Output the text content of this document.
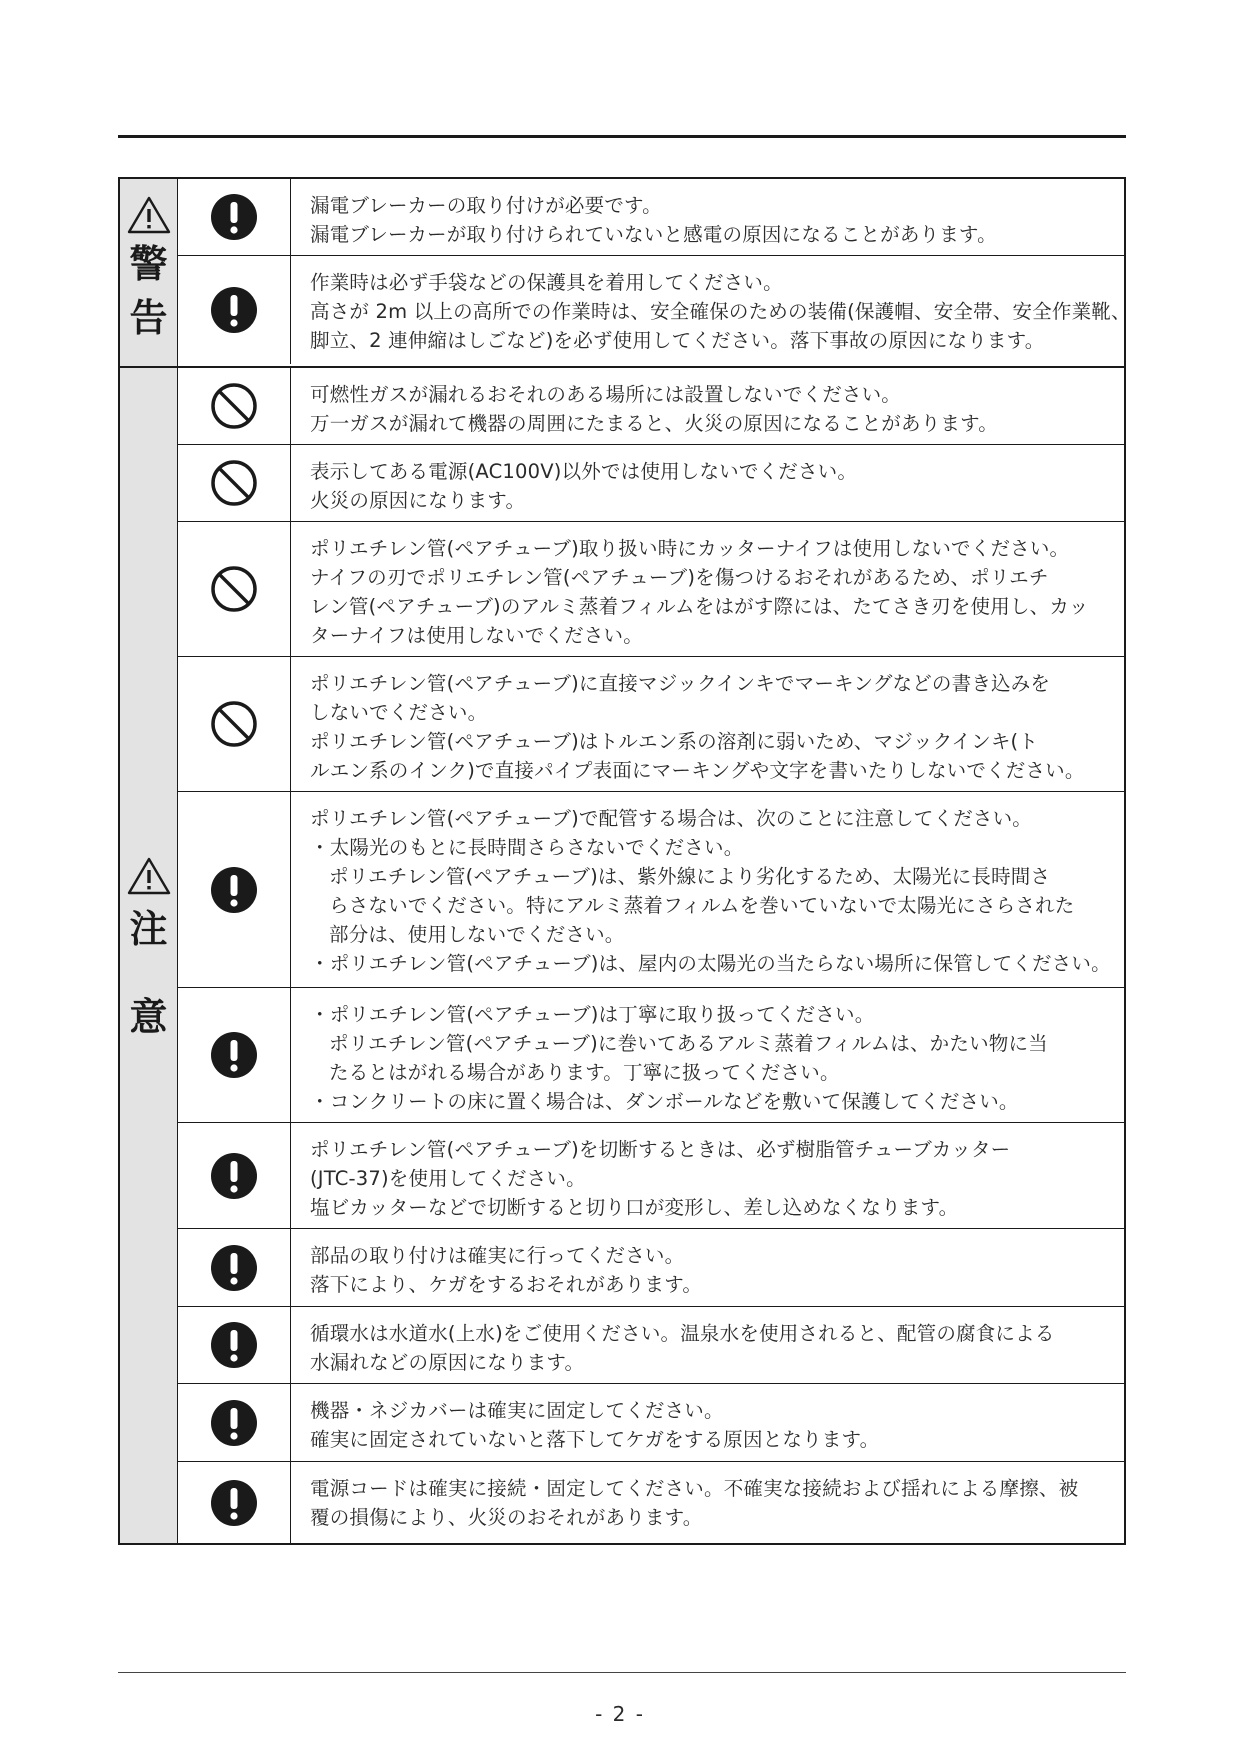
警
告
漏電ブレーカーの取り付けが必要です。
漏電ブレーカーが取り付けられていないと感電の原因になることがあります。
作業時は必ず手袋などの保護具を着用してください。
高さが 2m 以上の高所での作業時は、安全確保のための装備(保護帽、安全帯、安全作業靴、
脚立、2 連伸縮はしごなど)を必ず使用してください。落下事故の原因になります。
注
意
可燃性ガスが漏れるおそれのある場所には設置しないでください。
万一ガスが漏れて機器の周囲にたまると、火災の原因になることがあります。
表示してある電源(AC100V)以外では使用しないでください。
火災の原因になります。
ポリエチレン管(ペアチューブ)取り扱い時にカッターナイフは使用しないでください。
ナイフの刃でポリエチレン管(ペアチューブ)を傷つけるおそれがあるため、ポリエチ
レン管(ペアチューブ)のアルミ蒸着フィルムをはがす際には、たてさき刃を使用し、カッ
ターナイフは使用しないでください。
ポリエチレン管(ペアチューブ)に直接マジックインキでマーキングなどの書き込みを
しないでください。
ポリエチレン管(ペアチューブ)はトルエン系の溶剤に弱いため、マジックインキ(ト
ルエン系のインク)で直接パイプ表面にマーキングや文字を書いたりしないでください。
ポリエチレン管(ペアチューブ)で配管する場合は、次のことに注意してください。
・太陽光のもとに長時間さらさないでください。
ポリエチレン管(ペアチューブ)は、紫外線により劣化するため、太陽光に長時間さ
らさないでください。特にアルミ蒸着フィルムを巻いていないで太陽光にさらされた
部分は、使用しないでください。
・ポリエチレン管(ペアチューブ)は、屋内の太陽光の当たらない場所に保管してください。
・ポリエチレン管(ペアチューブ)は丁寧に取り扱ってください。
ポリエチレン管(ペアチューブ)に巻いてあるアルミ蒸着フィルムは、かたい物に当
たるとはがれる場合があります。丁寧に扱ってください。
・コンクリートの床に置く場合は、ダンボールなどを敷いて保護してください。
ポリエチレン管(ペアチューブ)を切断するときは、必ず樹脂管チューブカッター
(JTC-37)を使用してください。
塩ビカッターなどで切断すると切り口が変形し、差し込めなくなります。
部品の取り付けは確実に行ってください。
落下により、ケガをするおそれがあります。
循環水は水道水(上水)をご使用ください。温泉水を使用されると、配管の腐食による
水漏れなどの原因になります。
機器・ネジカバーは確実に固定してください。
確実に固定されていないと落下してケガをする原因となります。
電源コードは確実に接続・固定してください。不確実な接続および揺れによる摩擦、被
覆の損傷により、火災のおそれがあります。
- 2 -
